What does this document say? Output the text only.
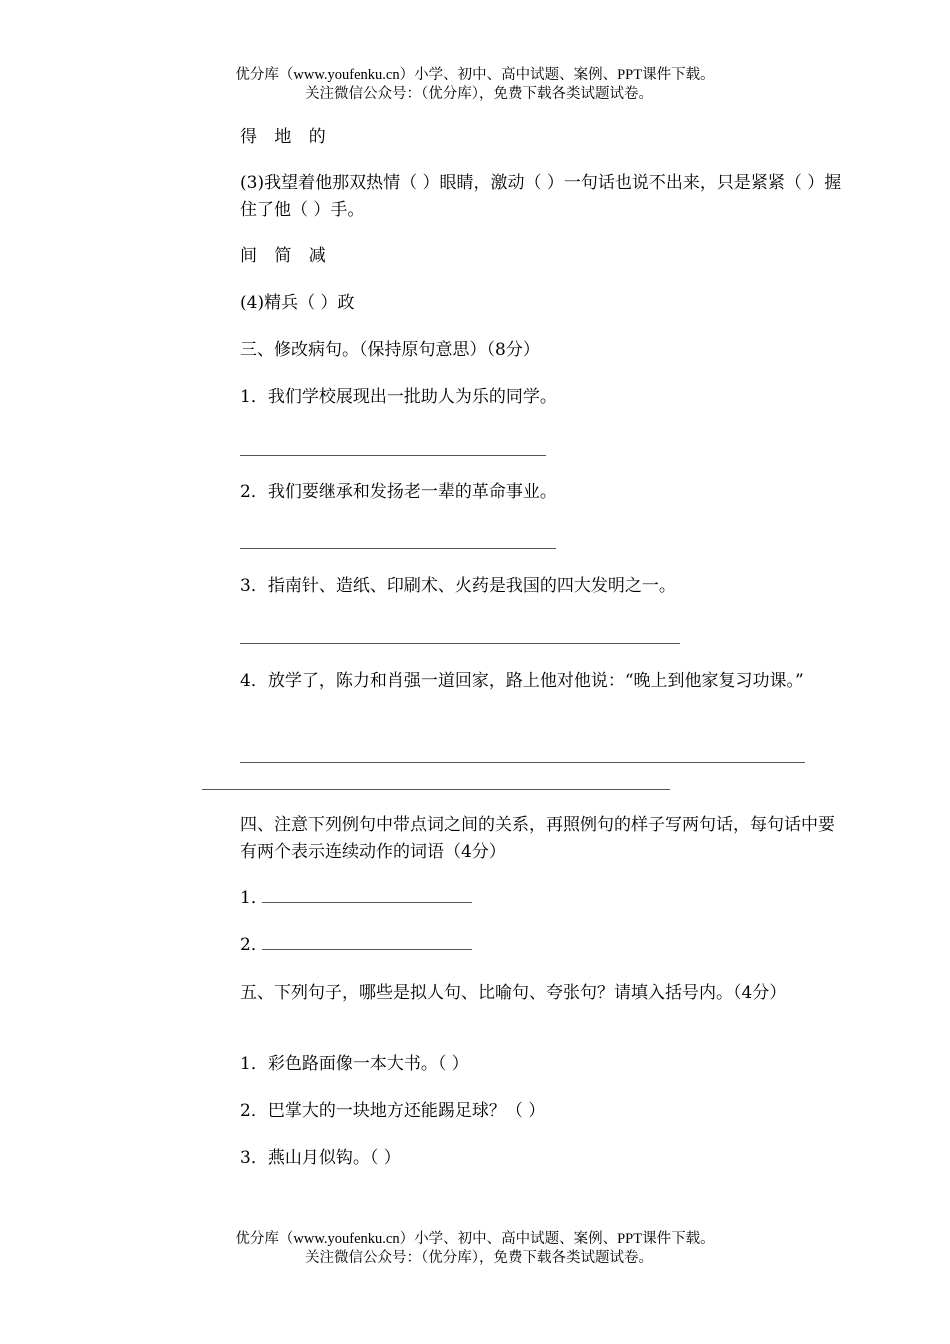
优分库（www.youfenku.cn）小学、初中、高中试题、案例、PPT课件下载。
关注微信公众号：（优分库），免费下载各类试题试卷。
得 地 的
(3)我望着他那双热情（ ）眼睛，激动（ ）一句话也说不出来，只是紧紧（ ）握住了他（ ）手。
间 简 减
(4)精兵（ ）政
三、修改病句。（保持原句意思）（8分）
1．我们学校展现出一批助人为乐的同学。
2．我们要继承和发扬老一辈的革命事业。
3．指南针、造纸、印刷术、火药是我国的四大发明之一。
4．放学了，陈力和肖强一道回家，路上他对他说：“晚上到他家复习功课。”
四、注意下列例句中带点词之间的关系，再照例句的样子写两句话，每句话中要有两个表示连续动作的词语（4分）
1．
2．
五、下列句子，哪些是拟人句、比喻句、夸张句？请填入括号内。（4分）
1．彩色路面像一本大书。（ ）
2．巴掌大的一块地方还能踢足球？（ ）
3．燕山月似钩。（ ）
优分库（www.youfenku.cn）小学、初中、高中试题、案例、PPT课件下载。
关注微信公众号：（优分库），免费下载各类试题试卷。
